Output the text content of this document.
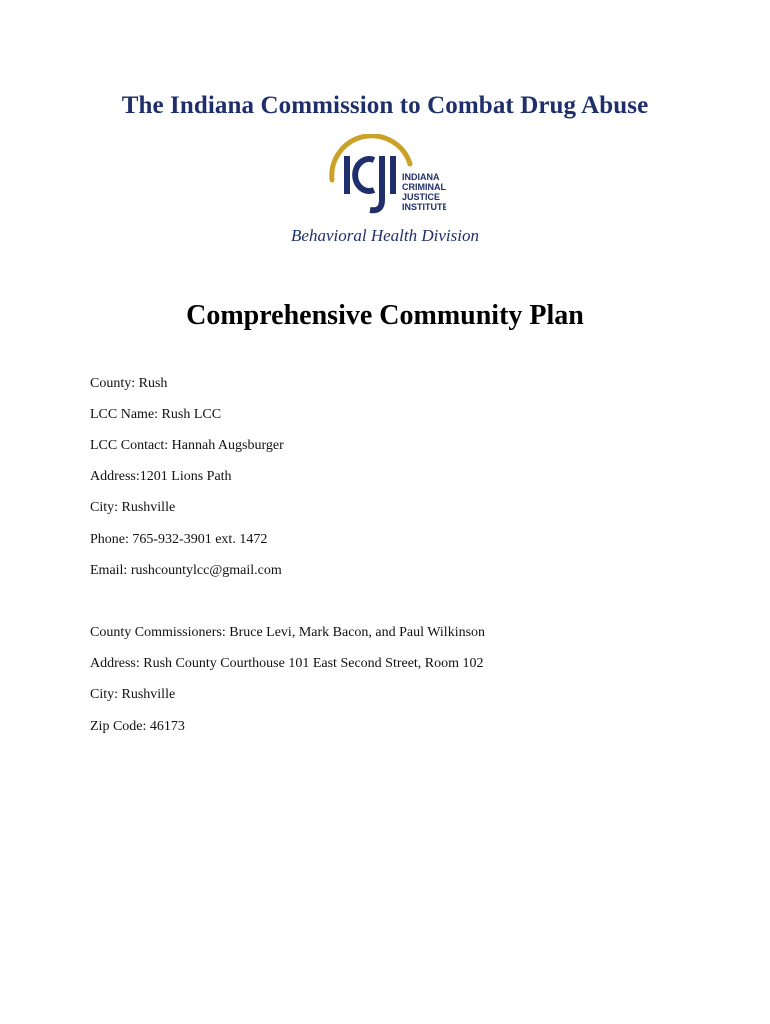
The Indiana Commission to Combat Drug Abuse
INDIANA
CRIMINAL
JUSTICE
INSTITUTE
Behavioral Health Division
Comprehensive Community Plan
County: Rush
LCC Name: Rush LCC
LCC Contact: Hannah Augsburger
Address:1201 Lions Path
City: Rushville
Phone: 765-932-3901 ext. 1472
Email: rushcountylcc@gmail.com
County Commissioners: Bruce Levi, Mark Bacon, and Paul Wilkinson
Address: Rush County Courthouse 101 East Second Street, Room 102
City: Rushville
Zip Code: 46173
